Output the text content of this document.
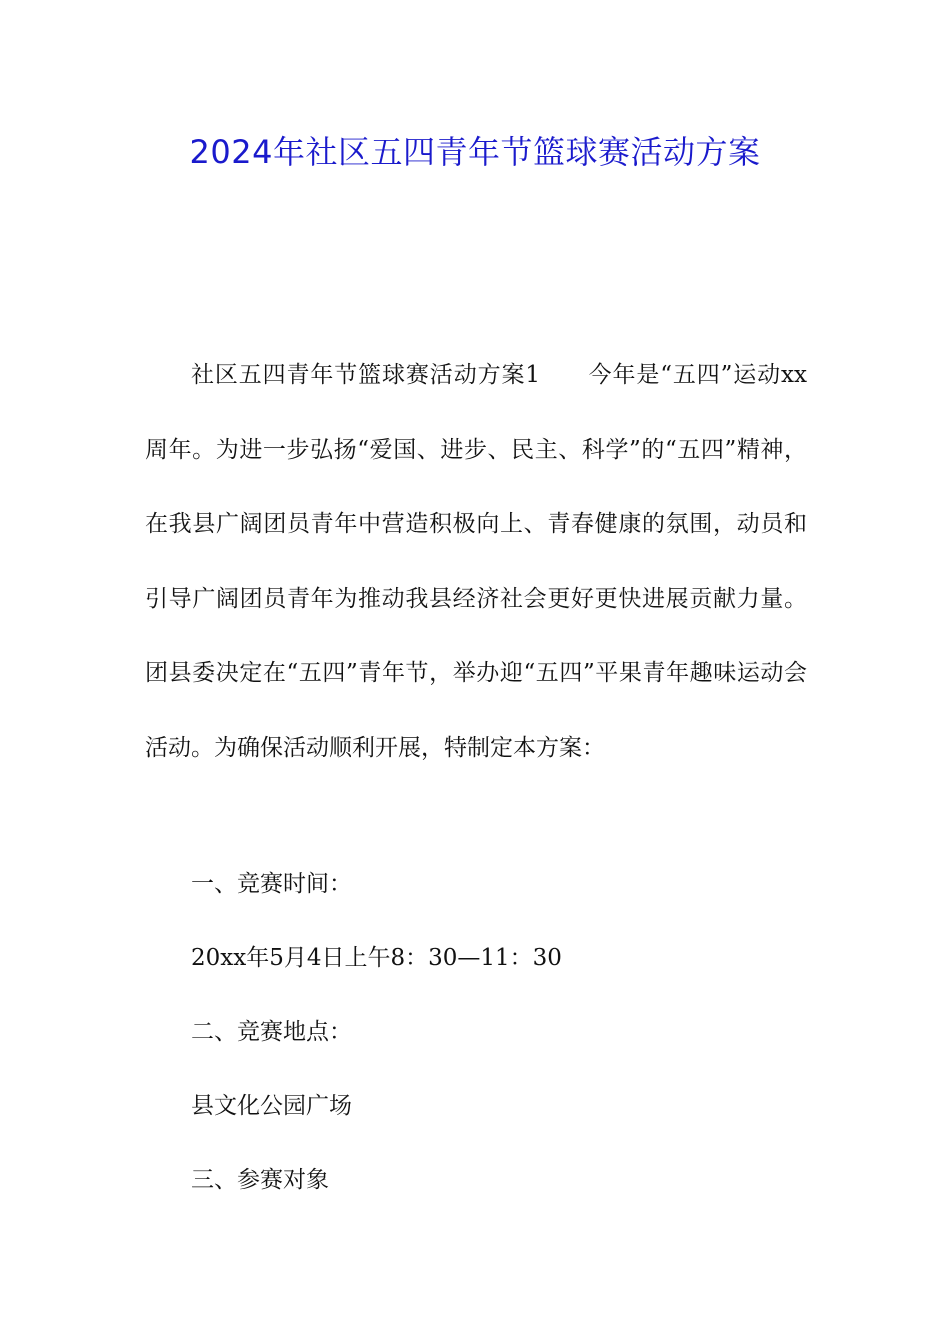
2024年社区五四青年节篮球赛活动方案

社区五四青年节篮球赛活动方案1　　今年是“五四”运动xx周年。为进一步弘扬“爱国、进步、民主、科学”的“五四”精神，在我县广阔团员青年中营造积极向上、青春健康的氛围，动员和引导广阔团员青年为推动我县经济社会更好更快进展贡献力量。团县委决定在“五四”青年节，举办迎“五四”平果青年趣味运动会活动。为确保活动顺利开展，特制定本方案：

一、竞赛时间：

20xx年5月4日上午8：30—11：30

二、竞赛地点：

县文化公园广场

三、参赛对象
